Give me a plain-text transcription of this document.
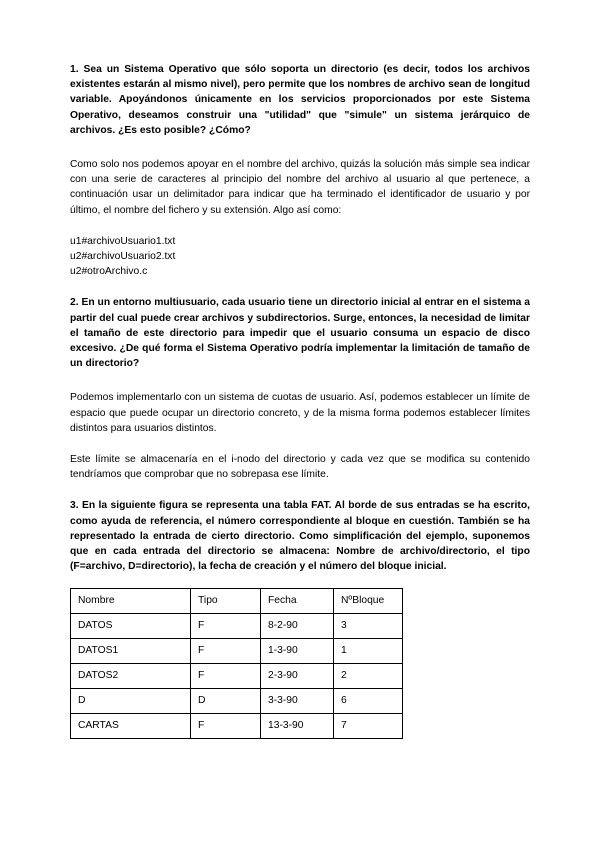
1. Sea un Sistema Operativo que sólo soporta un directorio (es decir, todos los archivos existentes estarán al mismo nivel), pero permite que los nombres de archivo sean de longitud variable. Apoyándonos únicamente en los servicios proporcionados por este Sistema Operativo, deseamos construir una "utilidad" que "simule" un sistema jerárquico de archivos. ¿Es esto posible? ¿Cómo?

Como solo nos podemos apoyar en el nombre del archivo, quizás la solución más simple sea indicar con una serie de caracteres al principio del nombre del archivo al usuario al que pertenece, a continuación usar un delimitador para indicar que ha terminado el identificador de usuario y por último, el nombre del fichero y su extensión. Algo así como:

u1#archivoUsuario1.txt
u2#archivoUsuario2.txt
u2#otroArchivo.c

2. En un entorno multiusuario, cada usuario tiene un directorio inicial al entrar en el sistema a partir del cual puede crear archivos y subdirectorios. Surge, entonces, la necesidad de limitar el tamaño de este directorio para impedir que el usuario consuma un espacio de disco excesivo. ¿De qué forma el Sistema Operativo podría implementar la limitación de tamaño de un directorio?

Podemos implementarlo con un sistema de cuotas de usuario. Así, podemos establecer un límite de espacio que puede ocupar un directorio concreto, y de la misma forma podemos establecer límites distintos para usuarios distintos.

Este límite se almacenaría en el i-nodo del directorio y cada vez que se modifica su contenido tendríamos que comprobar que no sobrepasa ese límite.

3. En la siguiente figura se representa una tabla FAT. Al borde de sus entradas se ha escrito, como ayuda de referencia, el número correspondiente al bloque en cuestión. También se ha representado la entrada de cierto directorio. Como simplificación del ejemplo, suponemos que en cada entrada del directorio se almacena: Nombre de archivo/directorio, el tipo (F=archivo, D=directorio), la fecha de creación y el número del bloque inicial.

Nombre	Tipo	Fecha	NºBloque
DATOS	F	8-2-90	3
DATOS1	F	1-3-90	1
DATOS2	F	2-3-90	2
D	D	3-3-90	6
CARTAS	F	13-3-90	7
